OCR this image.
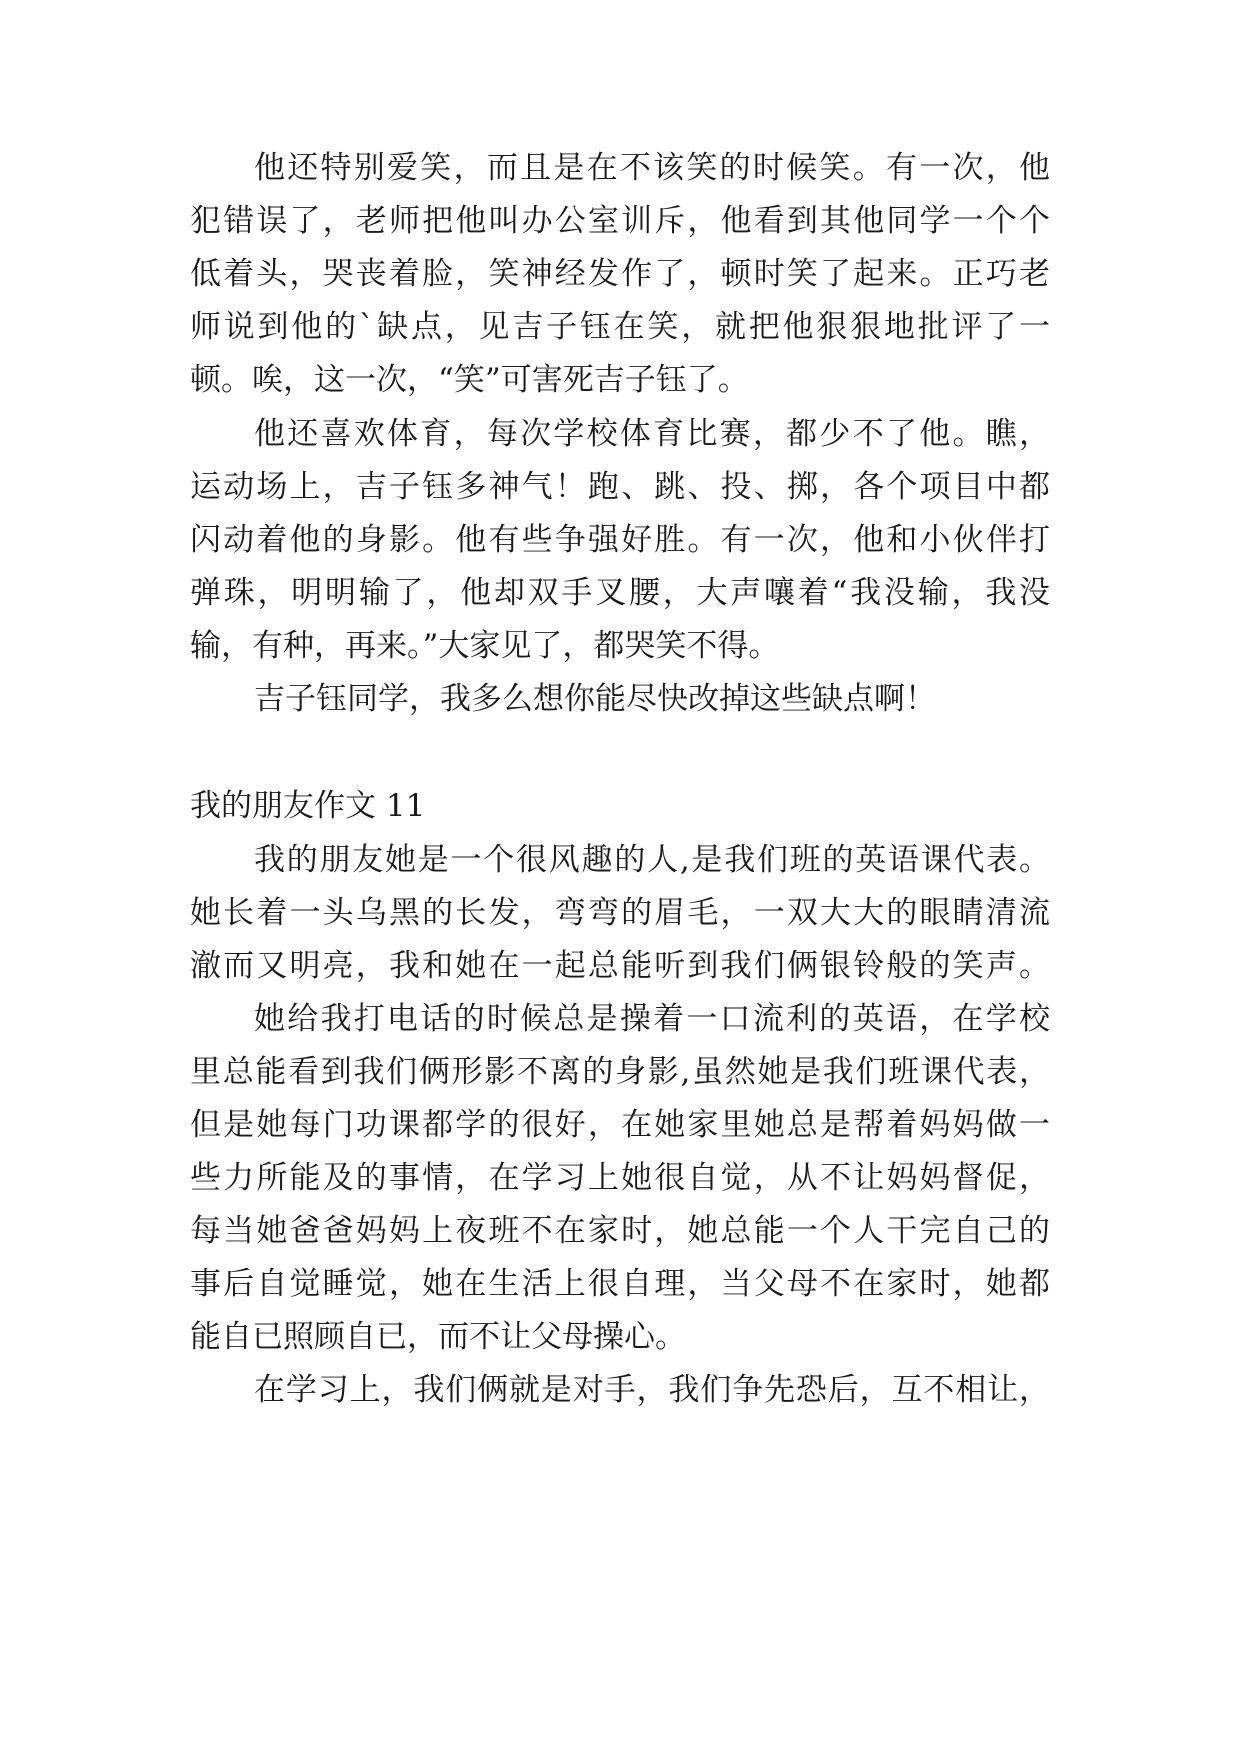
他还特别爱笑，而且是在不该笑的时候笑。有一次，他
犯错误了，老师把他叫办公室训斥，他看到其他同学一个个
低着头，哭丧着脸，笑神经发作了，顿时笑了起来。正巧老
师说到他的`缺点，见吉子钰在笑，就把他狠狠地批评了一
顿。唉，这一次，“笑”可害死吉子钰了。
他还喜欢体育，每次学校体育比赛，都少不了他。瞧，
运动场上，吉子钰多神气！跑、跳、投、掷，各个项目中都
闪动着他的身影。他有些争强好胜。有一次，他和小伙伴打
弹珠，明明输了，他却双手叉腰，大声嚷着“我没输，我没
输，有种，再来。”大家见了，都哭笑不得。
吉子钰同学，我多么想你能尽快改掉这些缺点啊！
我的朋友作文 11
我的朋友她是一个很风趣的人,是我们班的英语课代表。
她长着一头乌黑的长发，弯弯的眉毛，一双大大的眼睛清流
澈而又明亮，我和她在一起总能听到我们俩银铃般的笑声。
她给我打电话的时候总是操着一口流利的英语，在学校
里总能看到我们俩形影不离的身影,虽然她是我们班课代表，
但是她每门功课都学的很好，在她家里她总是帮着妈妈做一
些力所能及的事情，在学习上她很自觉，从不让妈妈督促，
每当她爸爸妈妈上夜班不在家时，她总能一个人干完自己的
事后自觉睡觉，她在生活上很自理，当父母不在家时，她都
能自已照顾自已，而不让父母操心。
在学习上，我们俩就是对手，我们争先恐后，互不相让，
